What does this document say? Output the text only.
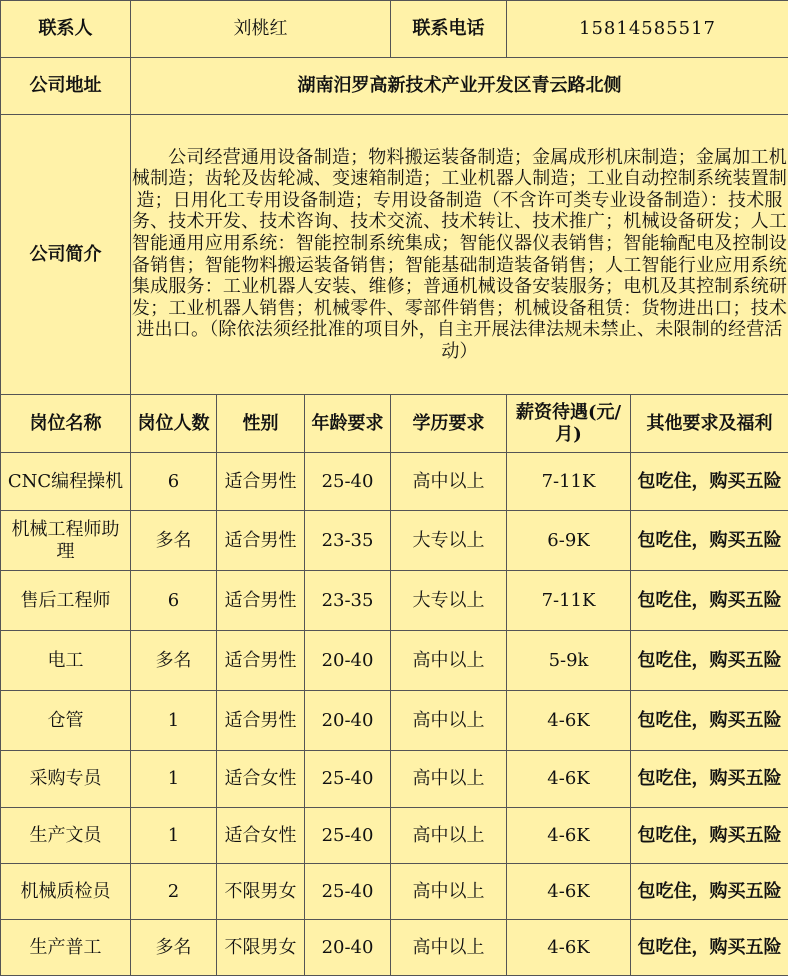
联系人	刘桃红			联系电话	15814585517	
公司地址	湖南汨罗高新技术产业开发区青云路北侧					
公司简介	公司经营通用设备制造；物料搬运装备制造；金属成形机床制造；金属加工机械制造；齿轮及齿轮减、变速箱制造；工业机器人制造；工业自动控制系统装置制造；日用化工专用设备制造；专用设备制造（不含许可类专业设备制造）：技术服务、技术开发、技术咨询、技术交流、技术转让、技术推广；机械设备研发；人工智能通用应用系统：智能控制系统集成；智能仪器仪表销售；智能输配电及控制设备销售；智能物料搬运装备销售；智能基础制造装备销售；人工智能行业应用系统集成服务：工业机器人安装、维修；普通机械设备安装服务；电机及其控制系统研发；工业机器人销售；机械零件、零部件销售；机械设备租赁：货物进出口；技术进出口。（除依法须经批准的项目外，自主开展法律法规未禁止、未限制的经营活动）					
岗位名称	岗位人数	性别	年龄要求	学历要求	薪资待遇(元/月)	其他要求及福利
CNC编程操机	6	适合男性	25-40	高中以上	7-11K	包吃住，购买五险
机械工程师助理	多名	适合男性	23-35	大专以上	6-9K	包吃住，购买五险
售后工程师	6	适合男性	23-35	大专以上	7-11K	包吃住，购买五险
电工	多名	适合男性	20-40	高中以上	5-9k	包吃住，购买五险
仓管	1	适合男性	20-40	高中以上	4-6K	包吃住，购买五险
采购专员	1	适合女性	25-40	高中以上	4-6K	包吃住，购买五险
生产文员	1	适合女性	25-40	高中以上	4-6K	包吃住，购买五险
机械质检员	2	不限男女	25-40	高中以上	4-6K	包吃住，购买五险
生产普工	多名	不限男女	20-40	高中以上	4-6K	包吃住，购买五险
